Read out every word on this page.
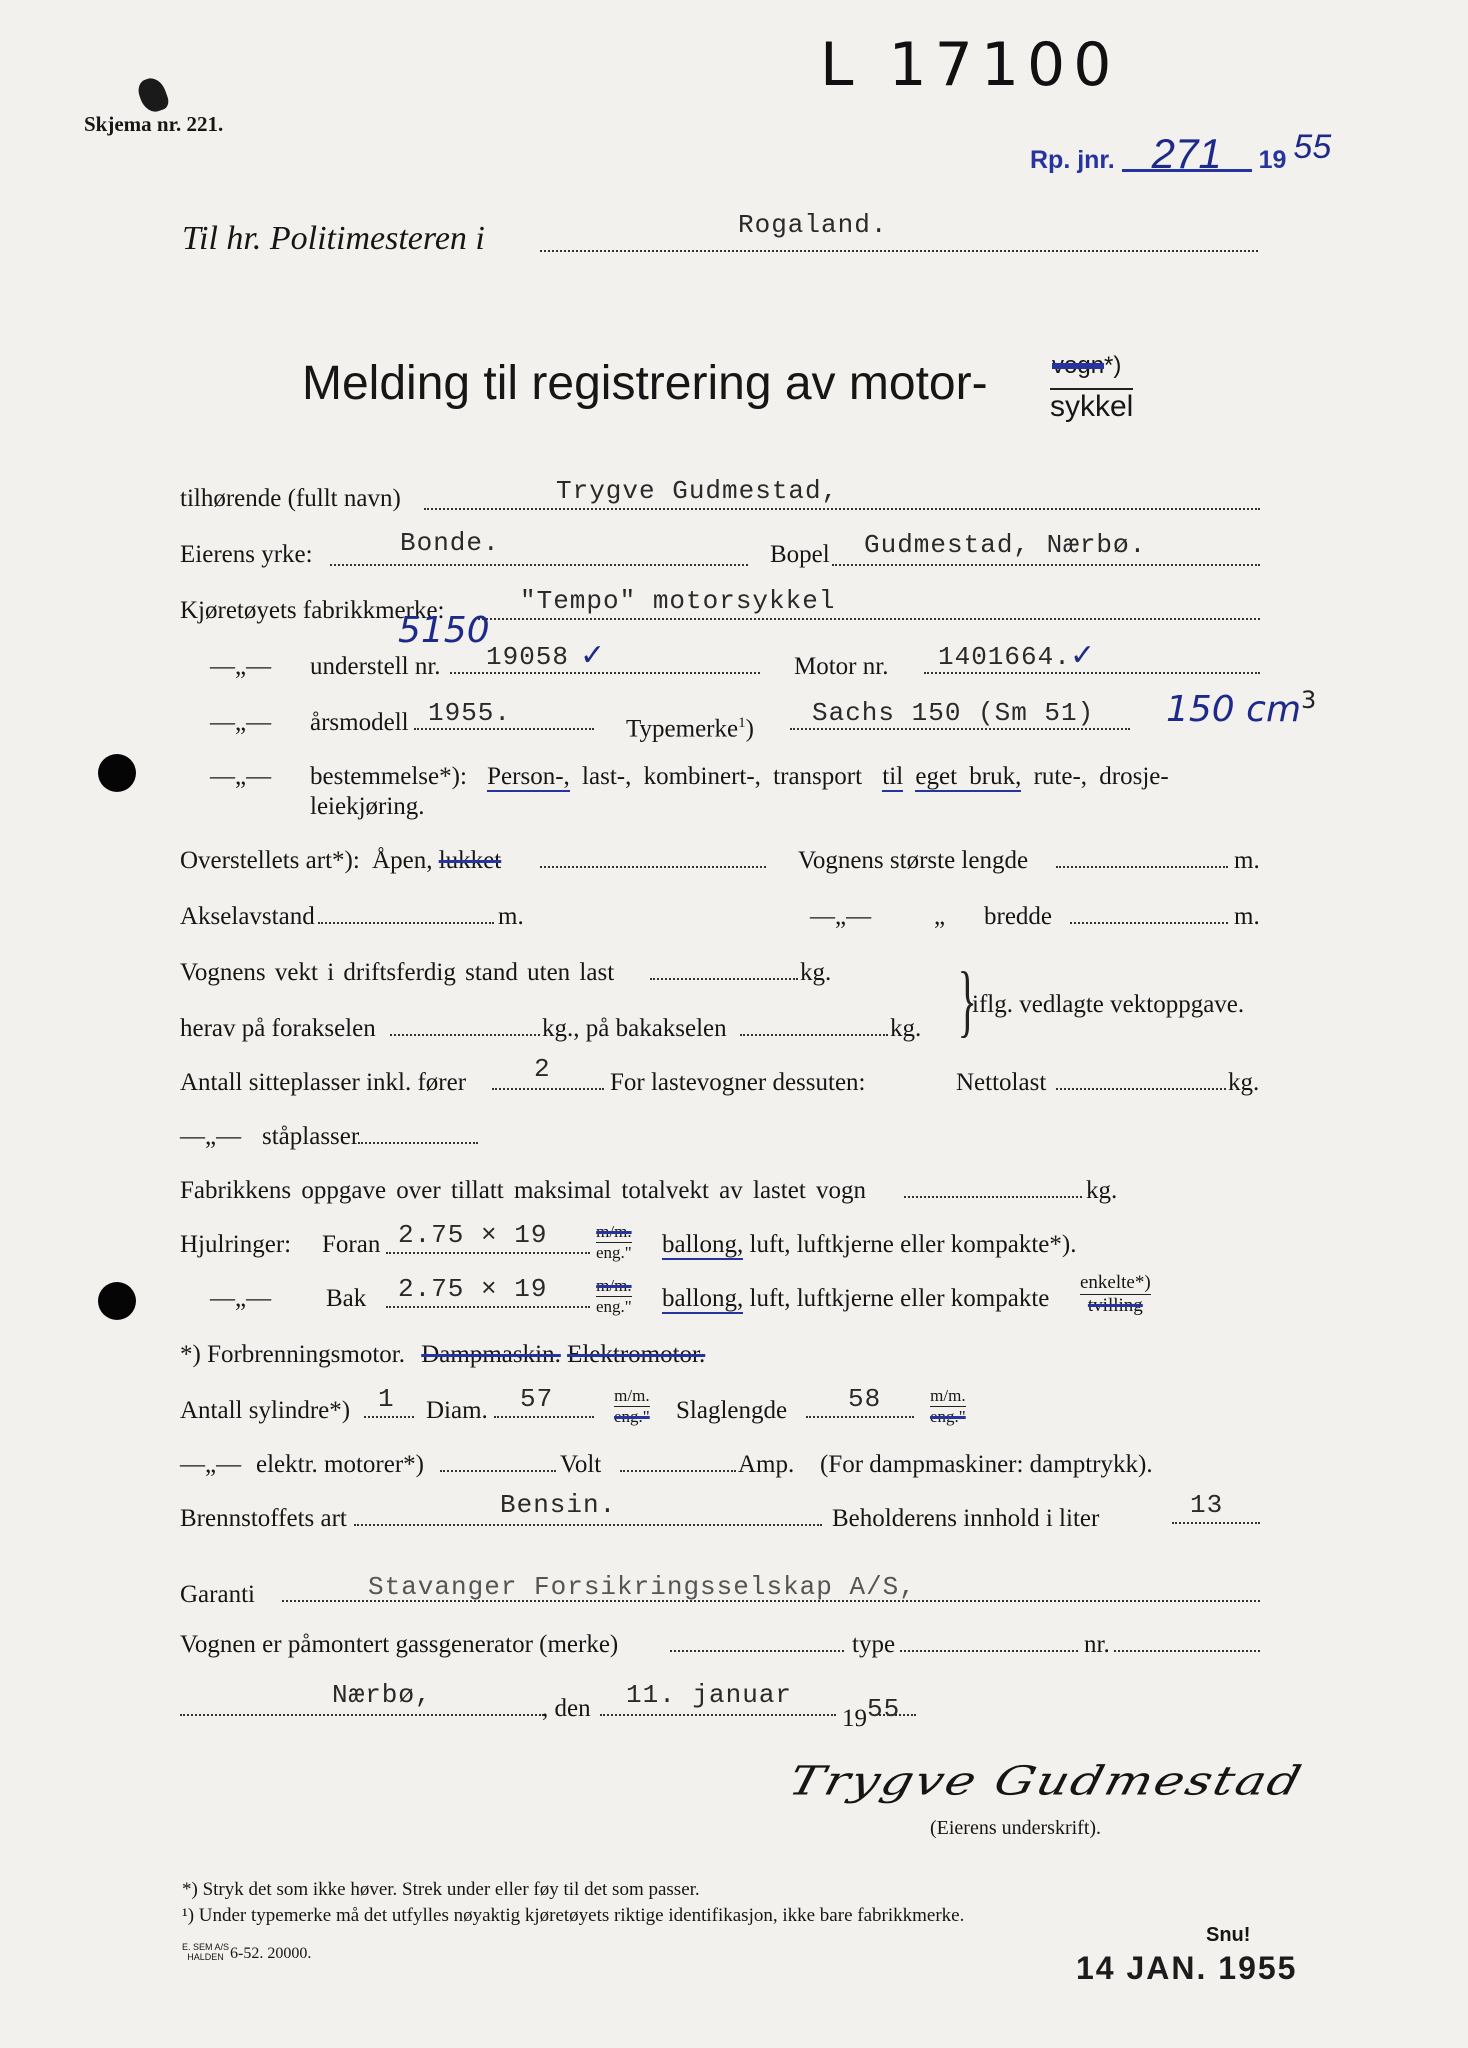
L 17100
Skjema nr. 221.
Rp. jnr. 271 19 55
Til hr. Politimesteren i	Rogaland.
Melding til registrering av motor-	vogn*)
sykkel
tilhørende (fullt navn)	Trygve Gudmestad,
Eierens yrke:	Bonde.	Bopel Gudmestad, Nærbø.
Kjøretøyets fabrikkmerke:	"Tempo" motorsykkel
—„— understell nr.
5150
19058 ✓	Motor nr. 1401664. ✓
—„— årsmodell 1955.
Typemerke$^1$)
Sachs 150 (Sm 51) 150 $cm^3$
—„— bestemmelse*): Person-, last-, kombinert-, transport til eget bruk, rute-, drosje-
leiekjøring.
Overstellets art*): Åpen, lukket	Vognens største lengde	m.
Akselavstand	m.	—„—	„ bredde	m.
Vognens vekt i driftsferdig stand uten last	kg.
herav på forakselen	kg., på bakakselen	kg. }
iflg. vedlagte vektoppgave.
Antall sitteplasser inkl. fører	2 For lastevogner dessuten:	Nettolast	kg.
—„— ståplasser
Fabrikkens oppgave over tillatt maksimal totalvekt av lastet vogn	kg.
Hjulringer: Foran 2.75 × 19	m/m.
eng." ballong, luft, luftkjerne eller kompakte*).
—„— Bak 2.75 × 19	m/m.
eng." ballong, luft, luftkjerne eller kompakte
enkelte*)
tvilling
*) Forbrenningsmotor. Dampmaskin. Elektromotor.
Antall sylindre*) 1 Diam. 57	m/m.
eng." Slaglengde 58	m/m.
eng."
—„— elektr. motorer*)	Volt	Amp. (For dampmaskiner: damptrykk).
Brennstoffets art	Bensin.	Beholderens innhold i liter	13
Garanti	Stavanger Forsikringsselskap A/S,
Vognen er påmontert gassgenerator (merke)	type	nr.
Nærbø,	, den 11. januar
1955
Trygve Gudmestad
(Eierens underskrift).
*) Stryk det som ikke høver. Strek under eller føy til det som passer.
¹) Under typemerke må det utfylles nøyaktig kjøretøyets riktige identifikasjon, ikke bare fabrikkmerke.
E. SEM A/S
HALDEN 6-52. 20000.
Snu!
14 JAN. 1955
